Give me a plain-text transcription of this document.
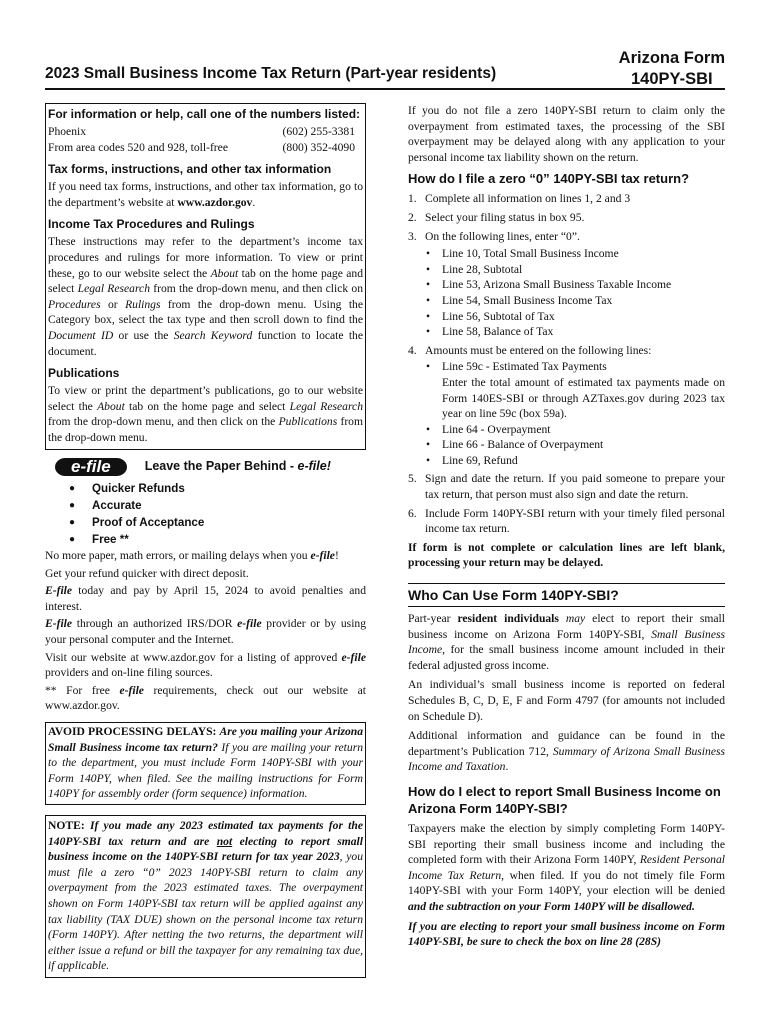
2023 Small Business Income Tax Return (Part-year residents)
Arizona Form
140PY-SBI
For information or help, call one of the numbers listed:
Phoenix	(602) 255-3381
From area codes 520 and 928, toll-free	(800) 352-4090
Tax forms, instructions, and other tax information

If you need tax forms, instructions, and other tax information, go to the department’s website at www.azdor.gov.

Income Tax Procedures and Rulings

These instructions may refer to the department’s income tax procedures and rulings for more information. To view or print these, go to our website select the About tab on the home page and select Legal Research from the drop-down menu, and then click on Procedures or Rulings from the drop-down menu. Using the Category box, select the tax type and then scroll down to find the Document ID or use the Search Keyword function to locate the document.

Publications

To view or print the department’s publications, go to our website select the About tab on the home page and select Legal Research from the drop-down menu, and then click on the Publications from the drop-down menu.

e-file	Leave the Paper Behind - e-file!
● Quicker Refunds
● Accurate
● Proof of Acceptance
● Free **

No more paper, math errors, or mailing delays when you e-file!

Get your refund quicker with direct deposit.

E-file today and pay by April 15, 2024 to avoid penalties and interest.

E-file through an authorized IRS/DOR e-file provider or by using your personal computer and the Internet.

Visit our website at www.azdor.gov for a listing of approved e-file providers and on-line filing sources.

** For free e-file requirements, check out our website at www.azdor.gov.

AVOID PROCESSING DELAYS: Are you mailing your Arizona Small Business income tax return? If you are mailing your return to the department, you must include Form 140PY-SBI with your Form 140PY, when filed. See the mailing instructions for Form 140PY for assembly order (form sequence) information.
NOTE: If you made any 2023 estimated tax payments for the 140PY-SBI tax return and are not electing to report small business income on the 140PY-SBI return for tax year 2023, you must file a zero “0” 2023 140PY-SBI return to claim any overpayment from the 2023 estimated taxes. The overpayment shown on Form 140PY-SBI tax return will be applied against any tax liability (TAX DUE) shown on the personal income tax return (Form 140PY). After netting the two returns, the department will either issue a refund or bill the taxpayer for any remaining tax due, if applicable.

If you do not file a zero 140PY-SBI return to claim only the overpayment from estimated taxes, the processing of the SBI overpayment may be delayed along with any application to your personal income tax liability shown on the return.

How do I file a zero “0” 140PY-SBI tax return?
1. Complete all information on lines 1, 2 and 3
2. Select your filing status in box 95.
3. On the following lines, enter “0”.
• Line 10, Total Small Business Income
• Line 28, Subtotal
• Line 53, Arizona Small Business Taxable Income
• Line 54, Small Business Income Tax
• Line 56, Subtotal of Tax
• Line 58, Balance of Tax
4. Amounts must be entered on the following lines:
• Line 59c - Estimated Tax Payments
Enter the total amount of estimated tax payments made on Form 140ES-SBI or through AZTaxes.gov during 2023 tax year on line 59c (box 59a).
• Line 64 - Overpayment
• Line 66 - Balance of Overpayment
• Line 69, Refund
5. Sign and date the return. If you paid someone to prepare your tax return, that person must also sign and date the return.
6. Include Form 140PY-SBI return with your timely filed personal income tax return.

If form is not complete or calculation lines are left blank, processing your return may be delayed.

Who Can Use Form 140PY-SBI?

Part-year resident individuals may elect to report their small business income on Arizona Form 140PY-SBI, Small Business Income, for the small business income amount included in their federal adjusted gross income.

An individual’s small business income is reported on federal Schedules B, C, D, E, F and Form 4797 (for amounts not included on Schedule D).

Additional information and guidance can be found in the department’s Publication 712, Summary of Arizona Small Business Income and Taxation.

How do I elect to report Small Business Income on Arizona Form 140PY-SBI?

Taxpayers make the election by simply completing Form 140PY-SBI reporting their small business income and including the completed form with their Arizona Form 140PY, Resident Personal Income Tax Return, when filed. If you do not timely file Form 140PY-SBI with your Form 140PY, your election will be denied and the subtraction on your Form 140PY will be disallowed.

If you are electing to report your small business income on Form 140PY-SBI, be sure to check the box on line 28 (28S)
